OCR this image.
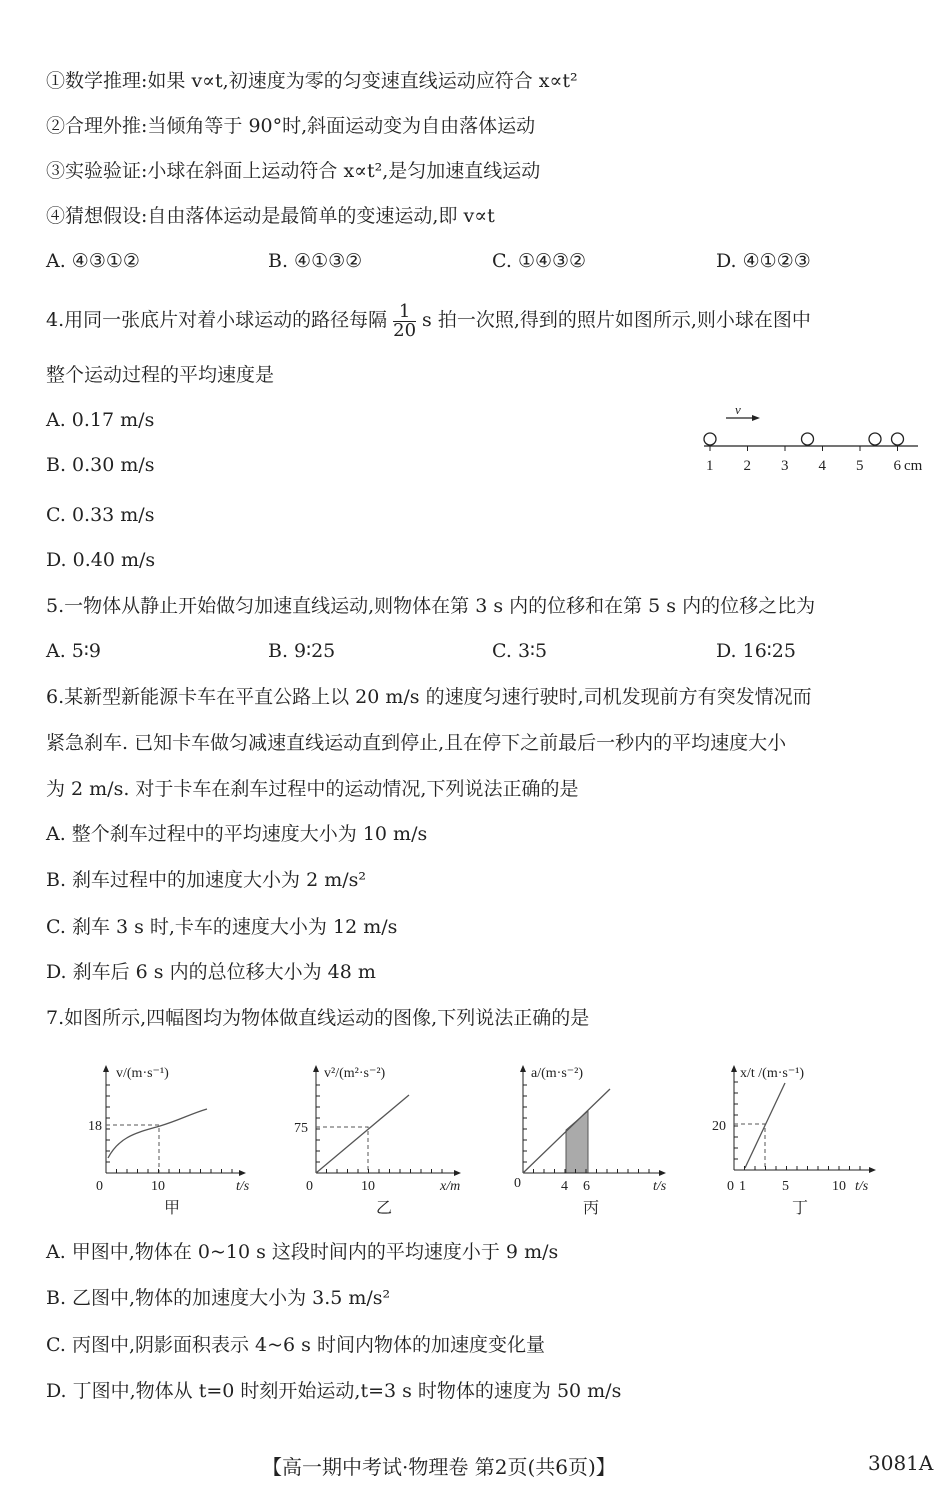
①数学推理:如果 v∝t,初速度为零的匀变速直线运动应符合 x∝t²
②合理外推:当倾角等于 90°时,斜面运动变为自由落体运动
③实验验证:小球在斜面上运动符合 x∝t²,是匀加速直线运动
④猜想假设:自由落体运动是最简单的变速运动,即 v∝t
A. ④③①②	B. ④①③②	C. ①④③②	D. ④①②③
4.用同一张底片对着小球运动的路径每隔 $\frac{1}{20}$ s 拍一次照,得到的照片如图所示,则小球在图中
整个运动过程的平均速度是
A. 0.17 m/s
B. 0.30 m/s
C. 0.33 m/s
D. 0.40 m/s
v
1 2 3 4 5 6 cm
5.一物体从静止开始做匀加速直线运动,则物体在第 3 s 内的位移和在第 5 s 内的位移之比为
A. 5∶9	B. 9∶25	C. 3∶5	D. 16∶25
6.某新型新能源卡车在平直公路上以 20 m/s 的速度匀速行驶时,司机发现前方有突发情况而
紧急刹车. 已知卡车做匀减速直线运动直到停止,且在停下之前最后一秒内的平均速度大小
为 2 m/s. 对于卡车在刹车过程中的运动情况,下列说法正确的是
A. 整个刹车过程中的平均速度大小为 10 m/s
B. 刹车过程中的加速度大小为 2 m/s²
C. 刹车 3 s 时,卡车的速度大小为 12 m/s
D. 刹车后 6 s 内的总位移大小为 48 m
7.如图所示,四幅图均为物体做直线运动的图像,下列说法正确的是
v/(m·s⁻¹)
18
0	10	t/s
甲
v²/(m²·s⁻²)
75
0	10	x/m
乙
a/(m·s⁻²)
0	4 6	t/s
丙
x/t /(m·s⁻¹)
20
0 1	5	10 t/s
丁
A. 甲图中,物体在 0~10 s 这段时间内的平均速度小于 9 m/s
B. 乙图中,物体的加速度大小为 3.5 m/s²
C. 丙图中,阴影面积表示 4~6 s 时间内物体的加速度变化量
D. 丁图中,物体从 t=0 时刻开始运动,t=3 s 时物体的速度为 50 m/s
【高一期中考试·物理卷 第2页(共6页)】	3081A
